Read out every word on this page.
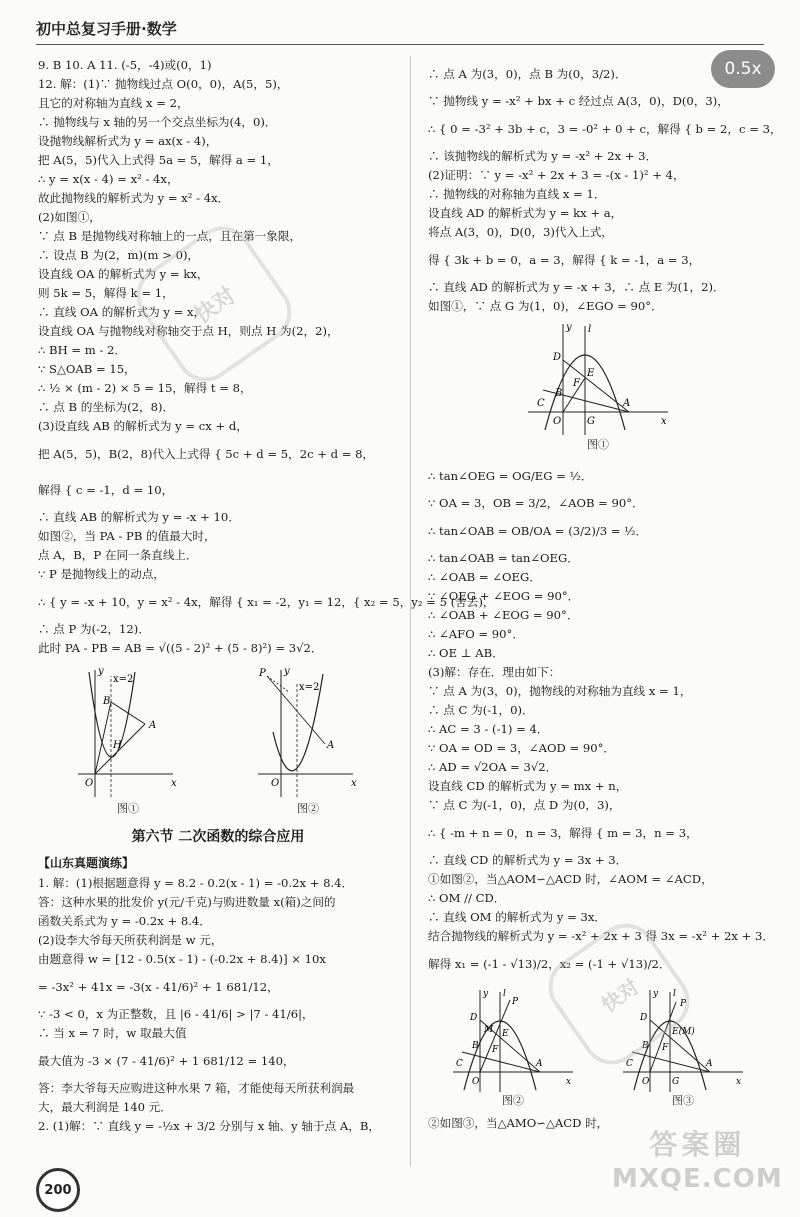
初中总复习手册·数学
0.5x
9. B 10. A 11. (-5，-4)或(0，1)
12. 解：(1)∵ 抛物线过点 O(0，0)，A(5，5)，
且它的对称轴为直线 x = 2，
∴ 抛物线与 x 轴的另一个交点坐标为(4，0)．
设抛物线解析式为 y = ax(x - 4)，
把 A(5，5)代入上式得 5a = 5，解得 a = 1，
∴ y = x(x - 4) = x² - 4x，
故此抛物线的解析式为 y = x² - 4x．
(2)如图①，
∵ 点 B 是抛物线对称轴上的一点，且在第一象限，
∴ 设点 B 为(2，m)(m > 0)，
设直线 OA 的解析式为 y = kx，
则 5k = 5，解得 k = 1，
∴ 直线 OA 的解析式为 y = x，
设直线 OA 与抛物线对称轴交于点 H，则点 H 为(2，2)，
∴ BH = m - 2．
∵ S△OAB = 15，
∴ ½ × (m - 2) × 5 = 15，解得 t = 8，
∴ 点 B 的坐标为(2，8)．
(3)设直线 AB 的解析式为 y = cx + d，
把 A(5，5)，B(2，8)代入上式得 { 5c + d = 5，2c + d = 8，
解得 { c = -1，d = 10，
∴ 直线 AB 的解析式为 y = -x + 10．
如图②，当 PA - PB 的值最大时，
点 A，B，P 在同一条直线上．
∵ P 是抛物线上的动点，
∴ { y = -x + 10，y = x² - 4x，解得 { x₁ = -2，y₁ = 12，{ x₂ = 5，y₂ = 5 (舍去)，
∴ 点 P 为(-2，12)．
此时 PA - PB = AB = √((5 - 2)² + (5 - 8)²) = 3√2．
x=2
y
B
A
H
O	x
图①
P y
x=2
A
O	x
图②
第六节 二次函数的综合应用
【山东真题演练】
1. 解：(1)根据题意得 y = 8.2 - 0.2(x - 1) = -0.2x + 8.4．
答：这种水果的批发价 y(元/千克)与购进数量 x(箱)之间的
函数关系式为 y = -0.2x + 8.4．
(2)设李大爷每天所获利润是 w 元，
由题意得 w = [12 - 0.5(x - 1) - (-0.2x + 8.4)] × 10x
= -3x² + 41x = -3(x - 41/6)² + 1 681/12，
∵ -3 < 0，x 为正整数，且 |6 - 41/6| > |7 - 41/6|，
∴ 当 x = 7 时，w 取最大值
最大值为 -3 × (7 - 41/6)² + 1 681/12 = 140，
答：李大爷每天应购进这种水果 7 箱，才能使每天所获利润最
大，最大利润是 140 元．
2. (1)解：∵ 直线 y = -½x + 3/2 分别与 x 轴、y 轴于点 A，B，
∴ 点 A 为(3，0)，点 B 为(0，3/2)．
∵ 抛物线 y = -x² + bx + c 经过点 A(3，0)，D(0，3)，
∴ { 0 = -3² + 3b + c，3 = -0² + 0 + c，解得 { b = 2，c = 3，
∴ 该抛物线的解析式为 y = -x² + 2x + 3．
(2)证明：∵ y = -x² + 2x + 3 = -(x - 1)² + 4，
∴ 抛物线的对称轴为直线 x = 1．
设直线 AD 的解析式为 y = kx + a，
将点 A(3，0)，D(0，3)代入上式，
得 { 3k + b = 0，a = 3，解得 { k = -1，a = 3，
∴ 直线 AD 的解析式为 y = -x + 3，∴ 点 E 为(1，2)．
如图①，∵ 点 G 为(1，0)，∠EGO = 90°．
y l
D
E
F
B
C
O	G
A
x
图①
∴ tan∠OEG = OG/EG = ½．
∵ OA = 3，OB = 3/2，∠AOB = 90°．
∴ tan∠OAB = OB/OA = (3/2)/3 = ½．
∴ tan∠OAB = tan∠OEG．
∴ ∠OAB = ∠OEG．
∵ ∠OEG + ∠EOG = 90°．
∴ ∠OAB + ∠EOG = 90°．
∴ ∠AFO = 90°．
∴ OE ⊥ AB．
(3)解：存在．理由如下：
∵ 点 A 为(3，0)，抛物线的对称轴为直线 x = 1，
∴ 点 C 为(-1，0)．
∴ AC = 3 - (-1) = 4．
∵ OA = OD = 3，∠AOD = 90°．
∴ AD = √2OA = 3√2．
设直线 CD 的解析式为 y = mx + n，
∵ 点 C 为(-1，0)，点 D 为(0，3)，
∴ { -m + n = 0，n = 3，解得 { m = 3，n = 3，
∴ 直线 CD 的解析式为 y = 3x + 3．
①如图②，当△AOM∽△ACD 时，∠AOM = ∠ACD，
∴ OM // CD．
∴ 直线 OM 的解析式为 y = 3x．
结合抛物线的解析式为 y = -x² + 2x + 3 得 3x = -x² + 2x + 3．
解得 x₁ = (-1 - √13)/2，x₂ = (-1 + √13)/2．
y l
P
D
M E
B F
C
O
A
x
图②
y l
P
D
E(M)
F
B
C
O	G
A
x
图③
②如图③，当△AMO∽△ACD 时，
快对
快对
答案圈
MXQE.COM
200
